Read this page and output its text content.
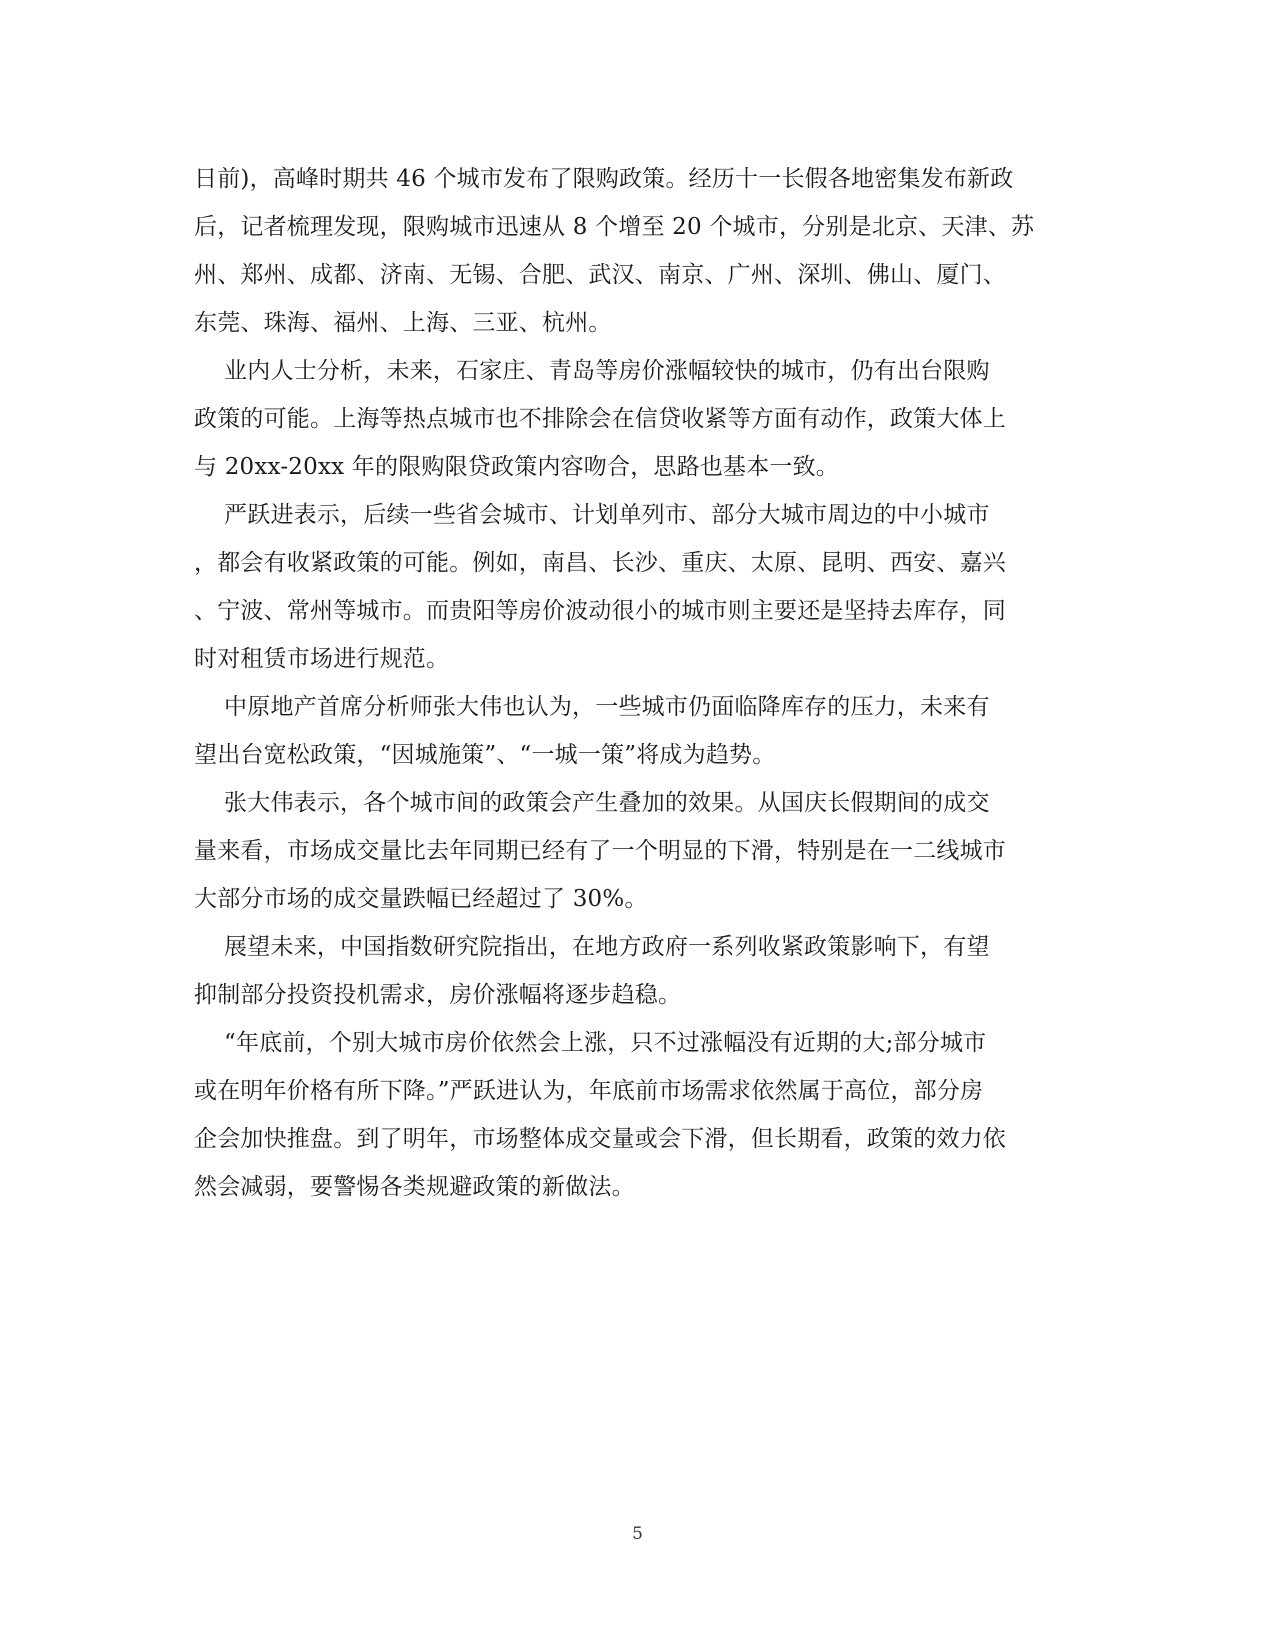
日前)，高峰时期共 46 个城市发布了限购政策。经历十一长假各地密集发布新政
后，记者梳理发现，限购城市迅速从 8 个增至 20 个城市，分别是北京、天津、苏
州、郑州、成都、济南、无锡、合肥、武汉、南京、广州、深圳、佛山、厦门、
东莞、珠海、福州、上海、三亚、杭州。
业内人士分析，未来，石家庄、青岛等房价涨幅较快的城市，仍有出台限购
政策的可能。上海等热点城市也不排除会在信贷收紧等方面有动作，政策大体上
与 20xx-20xx 年的限购限贷政策内容吻合，思路也基本一致。
严跃进表示，后续一些省会城市、计划单列市、部分大城市周边的中小城市
，都会有收紧政策的可能。例如，南昌、长沙、重庆、太原、昆明、西安、嘉兴
、宁波、常州等城市。而贵阳等房价波动很小的城市则主要还是坚持去库存，同
时对租赁市场进行规范。
中原地产首席分析师张大伟也认为，一些城市仍面临降库存的压力，未来有
望出台宽松政策，“因城施策”、“一城一策”将成为趋势。
张大伟表示，各个城市间的政策会产生叠加的效果。从国庆长假期间的成交
量来看，市场成交量比去年同期已经有了一个明显的下滑，特别是在一二线城市
大部分市场的成交量跌幅已经超过了 30%。
展望未来，中国指数研究院指出，在地方政府一系列收紧政策影响下，有望
抑制部分投资投机需求，房价涨幅将逐步趋稳。
“年底前，个别大城市房价依然会上涨，只不过涨幅没有近期的大;部分城市
或在明年价格有所下降。”严跃进认为，年底前市场需求依然属于高位，部分房
企会加快推盘。到了明年，市场整体成交量或会下滑，但长期看，政策的效力依
然会减弱，要警惕各类规避政策的新做法。
5
